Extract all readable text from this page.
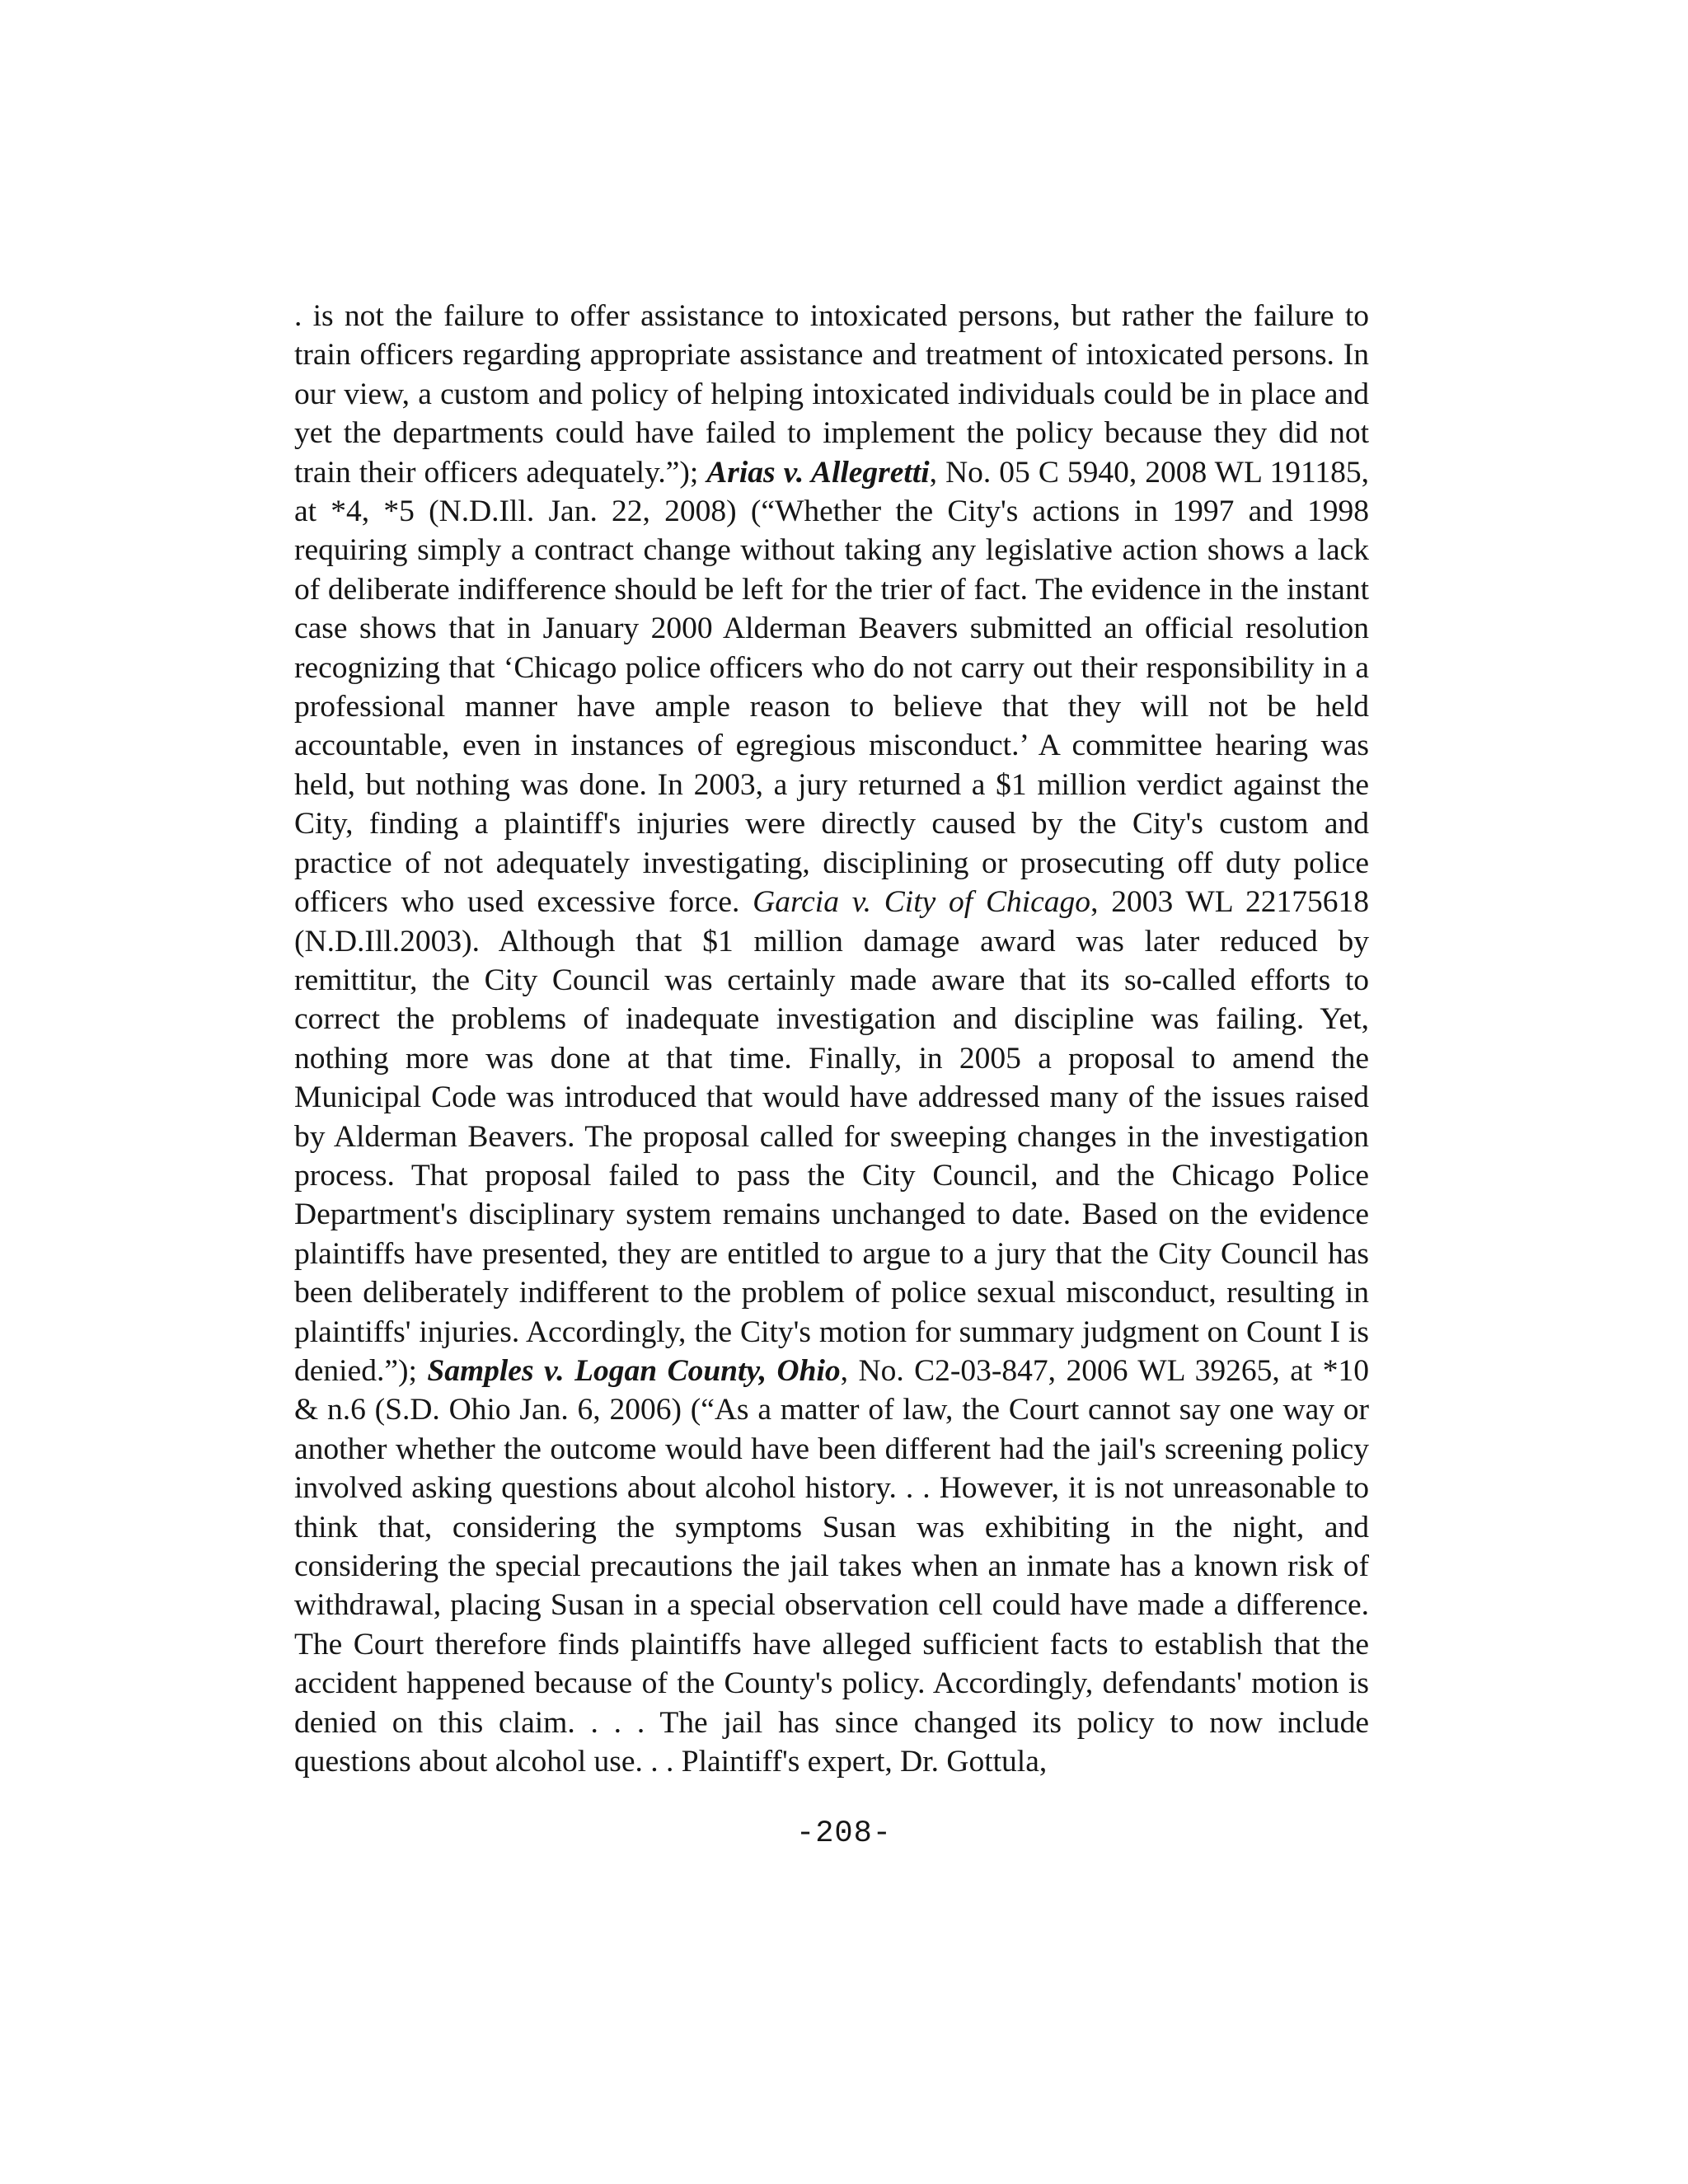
. is not the failure to offer assistance to intoxicated persons, but rather the failure to train officers regarding appropriate assistance and treatment of intoxicated persons. In our view, a custom and policy of helping intoxicated individuals could be in place and yet the departments could have failed to implement the policy because they did not train their officers adequately.”); Arias v. Allegretti, No. 05 C 5940, 2008 WL 191185, at *4, *5 (N.D.Ill. Jan. 22, 2008) (“Whether the City's actions in 1997 and 1998 requiring simply a contract change without taking any legislative action shows a lack of deliberate indifference should be left for the trier of fact. The evidence in the instant case shows that in January 2000 Alderman Beavers submitted an official resolution recognizing that ‘Chicago police officers who do not carry out their responsibility in a professional manner have ample reason to believe that they will not be held accountable, even in instances of egregious misconduct.’ A committee hearing was held, but nothing was done. In 2003, a jury returned a $1 million verdict against the City, finding a plaintiff's injuries were directly caused by the City's custom and practice of not adequately investigating, disciplining or prosecuting off duty police officers who used excessive force. Garcia v. City of Chicago, 2003 WL 22175618 (N.D.Ill.2003). Although that $1 million damage award was later reduced by remittitur, the City Council was certainly made aware that its so-called efforts to correct the problems of inadequate investigation and discipline was failing. Yet, nothing more was done at that time. Finally, in 2005 a proposal to amend the Municipal Code was introduced that would have addressed many of the issues raised by Alderman Beavers. The proposal called for sweeping changes in the investigation process. That proposal failed to pass the City Council, and the Chicago Police Department's disciplinary system remains unchanged to date. Based on the evidence plaintiffs have presented, they are entitled to argue to a jury that the City Council has been deliberately indifferent to the problem of police sexual misconduct, resulting in plaintiffs' injuries. Accordingly, the City's motion for summary judgment on Count I is denied.”); Samples v. Logan County, Ohio, No. C2-03-847, 2006 WL 39265, at *10 & n.6 (S.D. Ohio Jan. 6, 2006) (“As a matter of law, the Court cannot say one way or another whether the outcome would have been different had the jail's screening policy involved asking questions about alcohol history. . . However, it is not unreasonable to think that, considering the symptoms Susan was exhibiting in the night, and considering the special precautions the jail takes when an inmate has a known risk of withdrawal, placing Susan in a special observation cell could have made a difference. The Court therefore finds plaintiffs have alleged sufficient facts to establish that the accident happened because of the County's policy. Accordingly, defendants' motion is denied on this claim. . . . The jail has since changed its policy to now include questions about alcohol use. . . Plaintiff's expert, Dr. Gottula,

-208-
